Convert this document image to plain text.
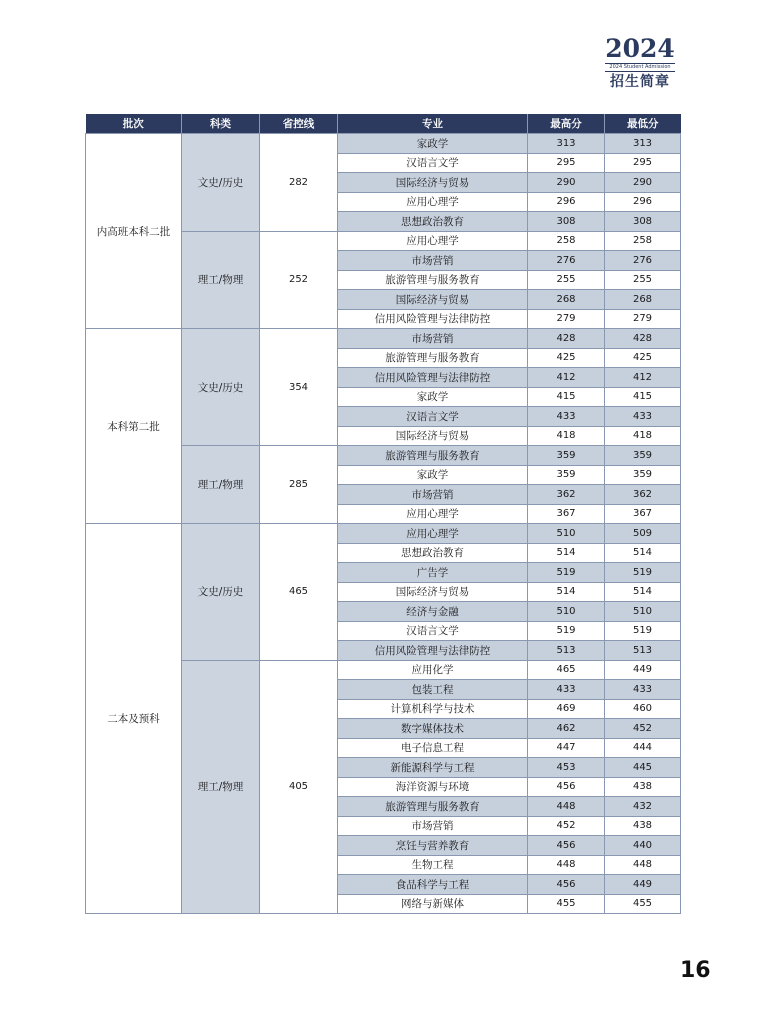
2024
2024 Student Admission
招生简章
批次	科类	省控线	专业	最高分	最低分
内高班本科二批	文史/历史	282	家政学	313	313
			汉语言文学	295	295
			国际经济与贸易	290	290
			应用心理学	296	296
			思想政治教育	308	308
	理工/物理	252	应用心理学	258	258
			市场营销	276	276
			旅游管理与服务教育	255	255
			国际经济与贸易	268	268
			信用风险管理与法律防控	279	279
本科第二批	文史/历史	354	市场营销	428	428
			旅游管理与服务教育	425	425
			信用风险管理与法律防控	412	412
			家政学	415	415
			汉语言文学	433	433
			国际经济与贸易	418	418
	理工/物理	285	旅游管理与服务教育	359	359
			家政学	359	359
			市场营销	362	362
			应用心理学	367	367
二本及预科	文史/历史	465	应用心理学	510	509
			思想政治教育	514	514
			广告学	519	519
			国际经济与贸易	514	514
			经济与金融	510	510
			汉语言文学	519	519
			信用风险管理与法律防控	513	513
	理工/物理	405	应用化学	465	449
			包装工程	433	433
			计算机科学与技术	469	460
			数字媒体技术	462	452
			电子信息工程	447	444
			新能源科学与工程	453	445
			海洋资源与环境	456	438
			旅游管理与服务教育	448	432
			市场营销	452	438
			烹饪与营养教育	456	440
			生物工程	448	448
			食品科学与工程	456	449
			网络与新媒体	455	455
16
